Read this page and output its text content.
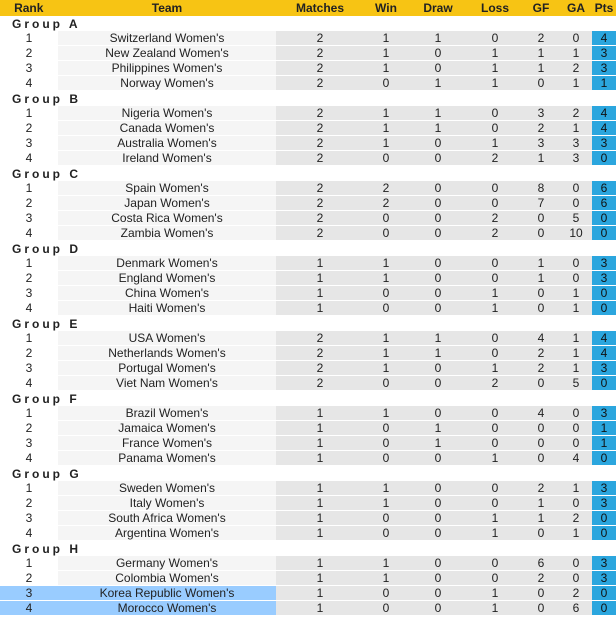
Rank	Team	Matches	Win	Draw	Loss	GF	GA	Pts
Group A								
1	Switzerland Women's	2	1	1	0	2	0	4
2	New Zealand Women's	2	1	0	1	1	1	3
3	Philippines Women's	2	1	0	1	1	2	3
4	Norway Women's	2	0	1	1	0	1	1
Group B								
1	Nigeria Women's	2	1	1	0	3	2	4
2	Canada Women's	2	1	1	0	2	1	4
3	Australia Women's	2	1	0	1	3	3	3
4	Ireland Women's	2	0	0	2	1	3	0
Group C								
1	Spain Women's	2	2	0	0	8	0	6
2	Japan Women's	2	2	0	0	7	0	6
3	Costa Rica Women's	2	0	0	2	0	5	0
4	Zambia Women's	2	0	0	2	0	10	0
Group D								
1	Denmark Women's	1	1	0	0	1	0	3
2	England Women's	1	1	0	0	1	0	3
3	China Women's	1	0	0	1	0	1	0
4	Haiti Women's	1	0	0	1	0	1	0
Group E								
1	USA Women's	2	1	1	0	4	1	4
2	Netherlands Women's	2	1	1	0	2	1	4
3	Portugal Women's	2	1	0	1	2	1	3
4	Viet Nam Women's	2	0	0	2	0	5	0
Group F								
1	Brazil Women's	1	1	0	0	4	0	3
2	Jamaica Women's	1	0	1	0	0	0	1
3	France Women's	1	0	1	0	0	0	1
4	Panama Women's	1	0	0	1	0	4	0
Group G								
1	Sweden Women's	1	1	0	0	2	1	3
2	Italy Women's	1	1	0	0	1	0	3
3	South Africa Women's	1	0	0	1	1	2	0
4	Argentina Women's	1	0	0	1	0	1	0
Group H								
1	Germany Women's	1	1	0	0	6	0	3
2	Colombia Women's	1	1	0	0	2	0	3
3	Korea Republic Women's	1	0	0	1	0	2	0
4	Morocco Women's	1	0	0	1	0	6	0
